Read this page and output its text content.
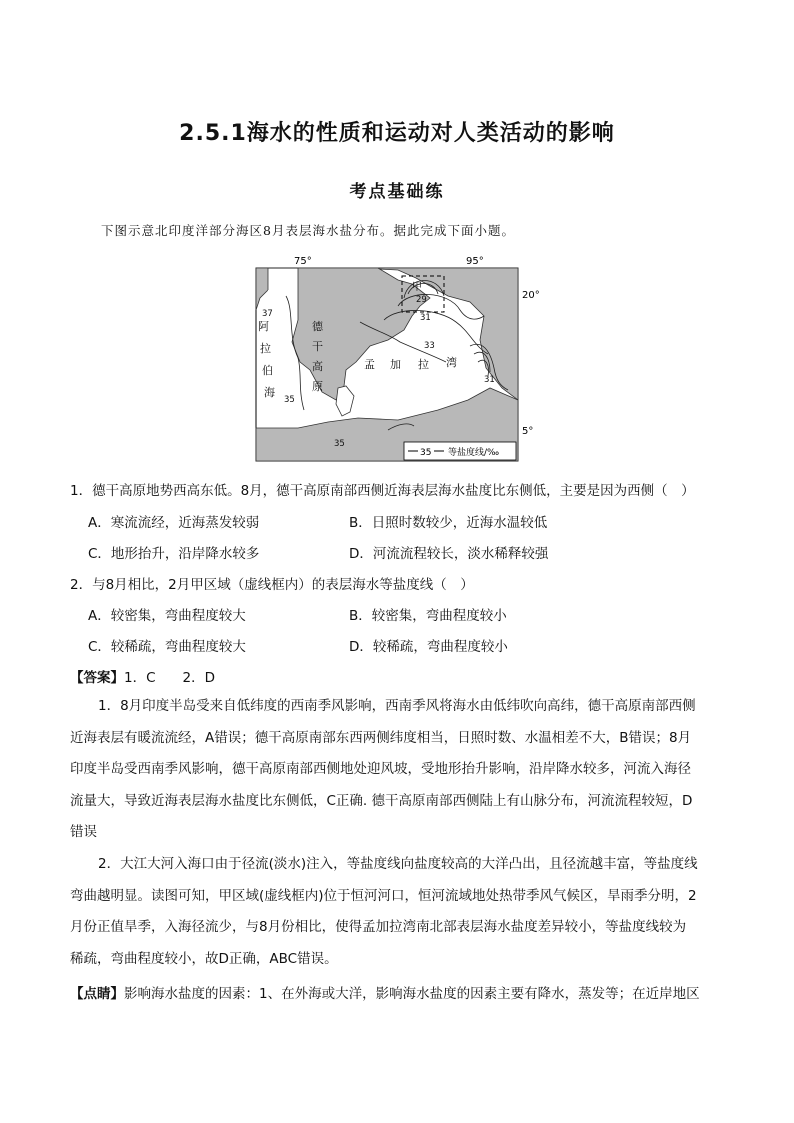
2.5.1海水的性质和运动对人类活动的影响
考点基础练
下图示意北印度洋部分海区8月表层海水盐分布。据此完成下面小题。
75°	95°
20°
5°
阿
拉
伯
海
德
干
高
原
孟 加 拉 湾
甲
37
35
35
29
31
33
31
35 等盐度线/‰
1．德干高原地势西高东低。8月，德干高原南部西侧近海表层海水盐度比东侧低，主要是因为西侧（　）
A．寒流流经，近海蒸发较弱	B．日照时数较少，近海水温较低
C．地形抬升，沿岸降水较多	D．河流流程较长，淡水稀释较强
2．与8月相比，2月甲区域（虚线框内）的表层海水等盐度线（　）
A．较密集，弯曲程度较大	B．较密集，弯曲程度较小
C．较稀疏，弯曲程度较大	D．较稀疏，弯曲程度较小
【答案】1．C　　2．D
1．8月印度半岛受来自低纬度的西南季风影响，西南季风将海水由低纬吹向高纬，德干高原南部西侧
近海表层有暖流流经，A错误；德干高原南部东西两侧纬度相当，日照时数、水温相差不大，B错误；8月
印度半岛受西南季风影响，德干高原南部西侧地处迎风坡，受地形抬升影响，沿岸降水较多，河流入海径
流量大，导致近海表层海水盐度比东侧低，C正确. 德干高原南部西侧陆上有山脉分布，河流流程较短，D
错误
2．大江大河入海口由于径流(淡水)注入，等盐度线向盐度较高的大洋凸出，且径流越丰富，等盐度线
弯曲越明显。读图可知，甲区域(虚线框内)位于恒河河口，恒河流域地处热带季风气候区，旱雨季分明，2
月份正值旱季，入海径流少，与8月份相比，使得孟加拉湾南北部表层海水盐度差异较小，等盐度线较为
稀疏，弯曲程度较小，故D正确，ABC错误。
【点睛】影响海水盐度的因素：1、在外海或大洋，影响海水盐度的因素主要有降水，蒸发等；在近岸地区
